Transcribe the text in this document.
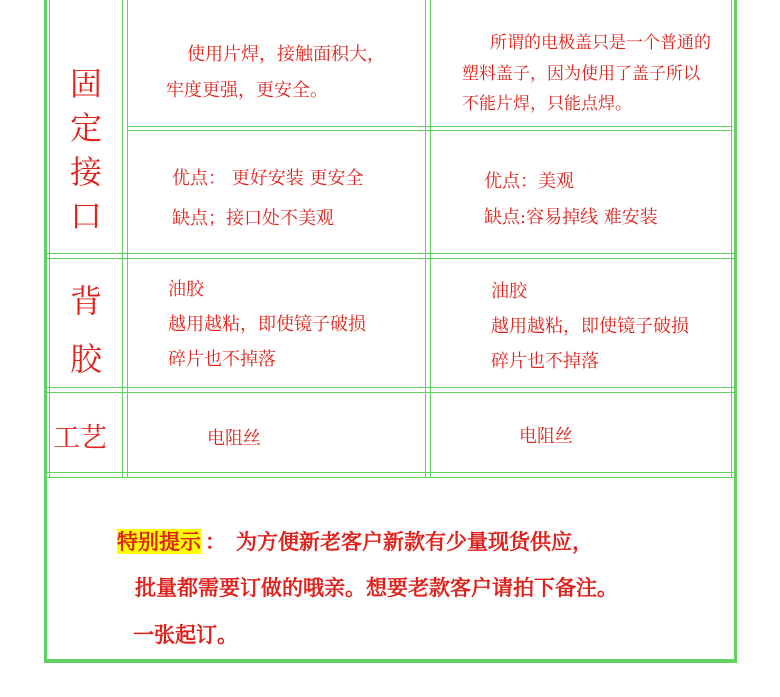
固
定
接
口
使用片焊，接触面积大，
牢度更强，更安全。
所谓的电极盖只是一个普通的
塑料盖子，因为使用了盖子所以
不能片焊，只能点焊。
优点： 更好安装 更安全
缺点；接口处不美观
优点：美观
缺点:容易掉线 难安装
背
胶
油胶
越用越粘，即使镜子破损
碎片也不掉落
油胶
越用越粘，即使镜子破损
碎片也不掉落
工艺	电阻丝	电阻丝
特别提示 ： 为方便新老客户新款有少量现货供应，
批量都需要订做的哦亲。想要老款客户请拍下备注。
一张起订。
